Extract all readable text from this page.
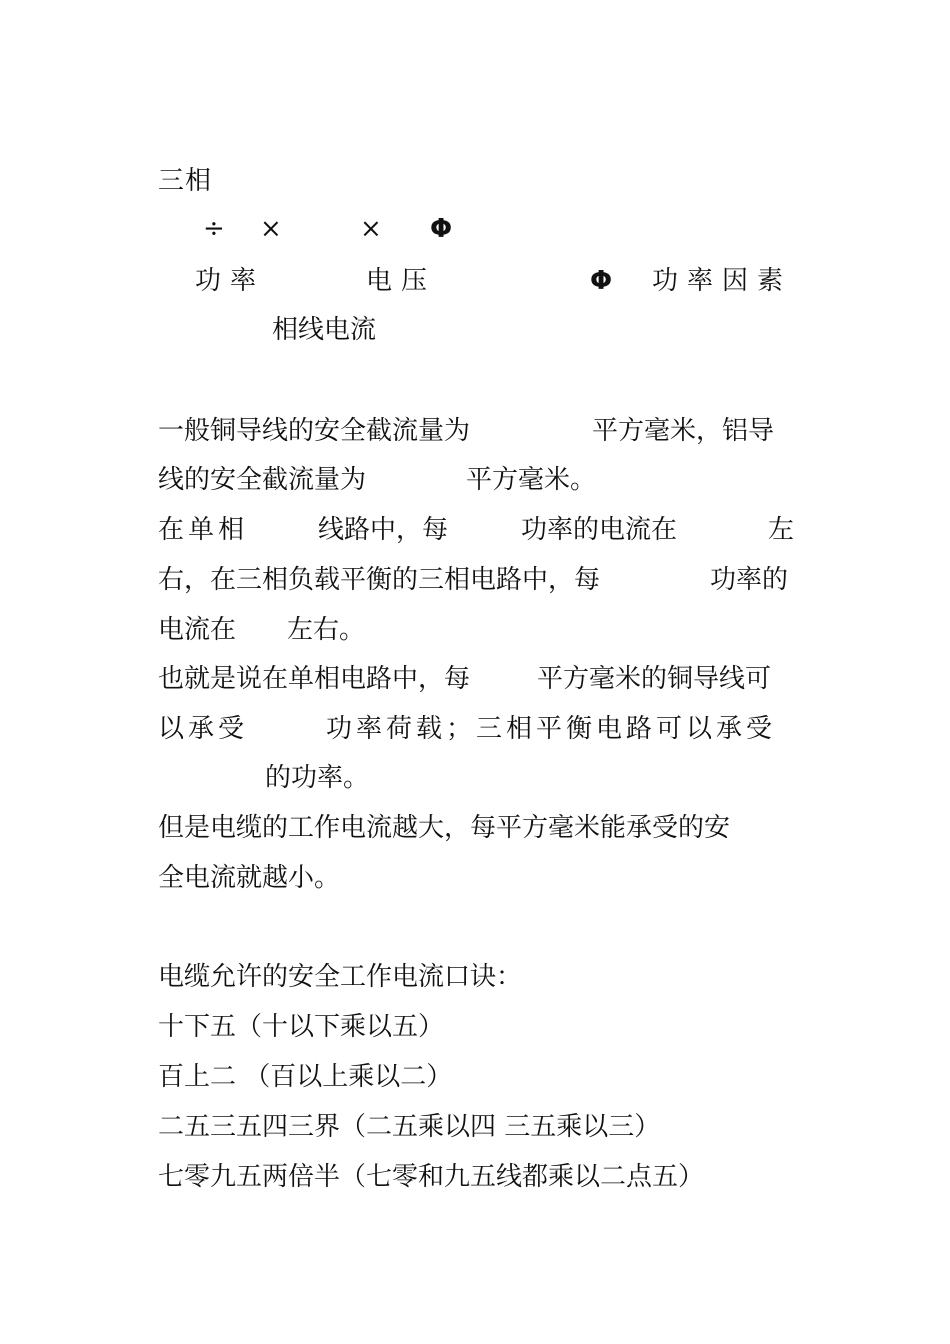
三相
÷ ×	× Φ
功率	电压	Φ 功率因素
相线电流
一般铜导线的安全截流量为	平方毫米，铝导
线的安全截流量为	平方毫米。
在单相	线路中，每	功率的电流在	左
右，在三相负载平衡的三相电路中，每	功率的
电流在 左右。
也就是说在单相电路中，每	平方毫米的铜导线可
以承受	功率荷载；三相平衡电路可以承受
的功率。
但是电缆的工作电流越大，每平方毫米能承受的安
全电流就越小。
电缆允许的安全工作电流口诀：
十下五（十以下乘以五）
百上二 （百以上乘以二）
二五三五四三界（二五乘以四 三五乘以三）
七零九五两倍半（七零和九五线都乘以二点五）
